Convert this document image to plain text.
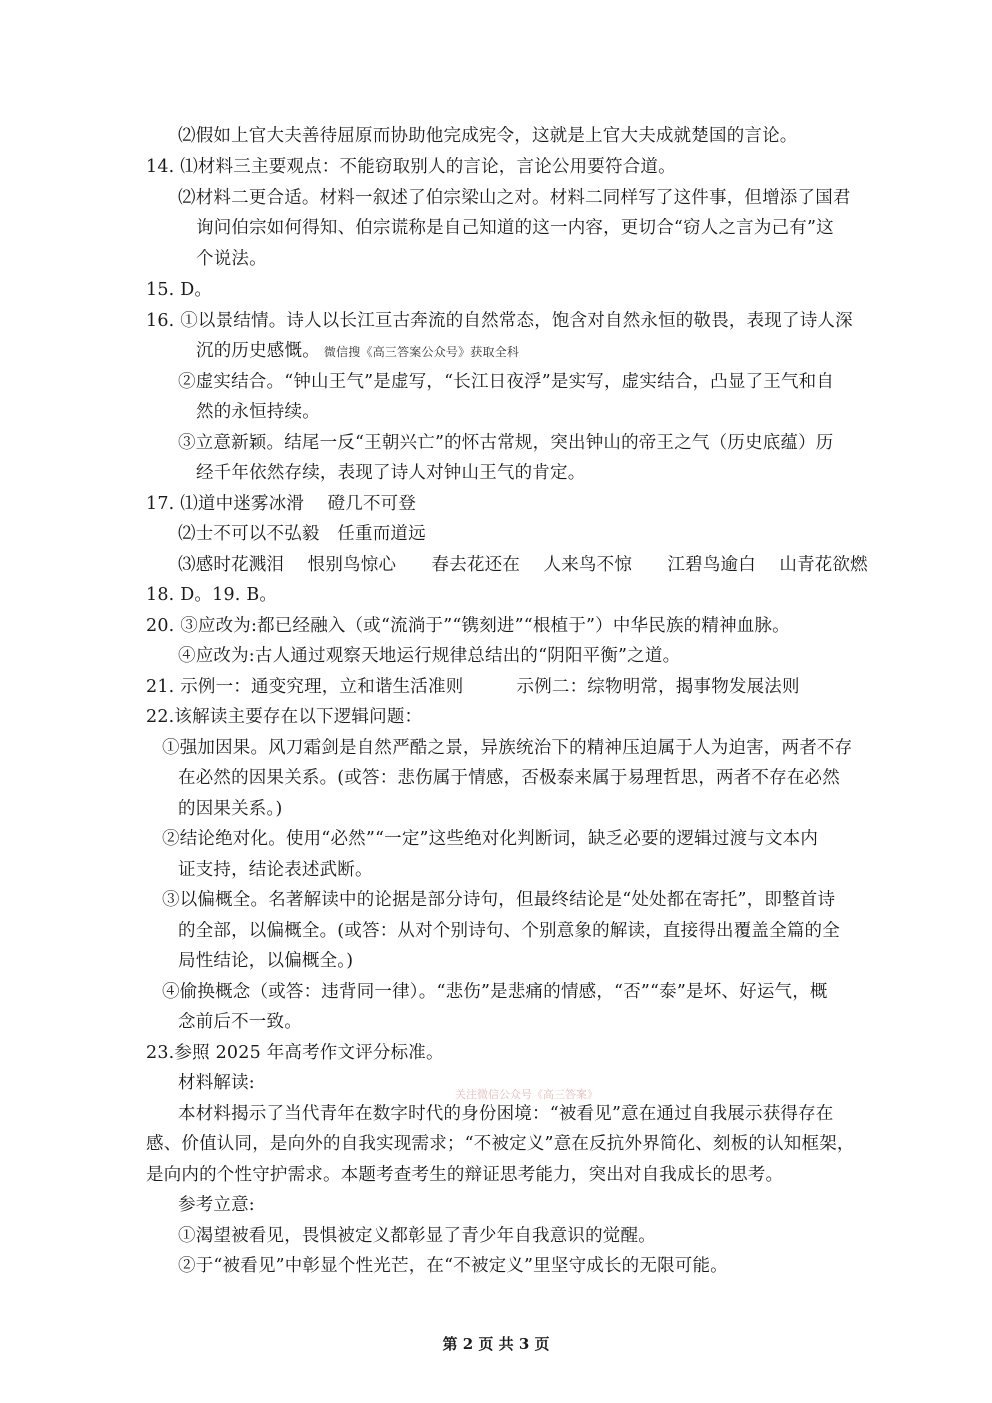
⑵假如上官大夫善待屈原而协助他完成宪令，这就是上官大夫成就楚国的言论。
14. ⑴材料三主要观点：不能窃取别人的言论，言论公用要符合道。
⑵材料二更合适。材料一叙述了伯宗梁山之对。材料二同样写了这件事，但增添了国君
询问伯宗如何得知、伯宗谎称是自己知道的这一内容，更切合“窃人之言为己有”这
个说法。
15. D。
16. ①以景结情。诗人以长江亘古奔流的自然常态，饱含对自然永恒的敬畏，表现了诗人深
沉的历史感慨。 微信搜《高三答案公众号》获取全科
②虚实结合。“钟山王气”是虚写，“长江日夜浮”是实写，虚实结合，凸显了王气和自
然的永恒持续。
③立意新颖。结尾一反“王朝兴亡”的怀古常规，突出钟山的帝王之气（历史底蕴）历
经千年依然存续，表现了诗人对钟山王气的肯定。
17. ⑴道中迷雾冰滑　 磴几不可登
⑵士不可以不弘毅　任重而道远
⑶感时花溅泪　 恨别鸟惊心　　春去花还在　 人来鸟不惊　　江碧鸟逾白　 山青花欲燃
18. D。19. B。
20. ③应改为:都已经融入（或“流淌于”“镌刻进”“根植于”）中华民族的精神血脉。
④应改为:古人通过观察天地运行规律总结出的“阴阳平衡”之道。
21. 示例一：通变究理，立和谐生活准则　　　示例二：综物明常，揭事物发展法则
22.该解读主要存在以下逻辑问题：
①强加因果。风刀霜剑是自然严酷之景，异族统治下的精神压迫属于人为迫害，两者不存
在必然的因果关系。(或答：悲伤属于情感，否极泰来属于易理哲思，两者不存在必然
的因果关系。)
②结论绝对化。使用“必然”“一定”这些绝对化判断词，缺乏必要的逻辑过渡与文本内
证支持，结论表述武断。
③以偏概全。名著解读中的论据是部分诗句，但最终结论是“处处都在寄托”，即整首诗
的全部，以偏概全。(或答：从对个别诗句、个别意象的解读，直接得出覆盖全篇的全
局性结论，以偏概全。)
④偷换概念（或答：违背同一律）。“悲伤”是悲痛的情感，“否”“泰”是坏、好运气，概
念前后不一致。
23.参照 2025 年高考作文评分标准。
材料解读:
关注微信公众号《高三答案》
本材料揭示了当代青年在数字时代的身份困境：“被看见”意在通过自我展示获得存在
感、价值认同，是向外的自我实现需求；“不被定义”意在反抗外界简化、刻板的认知框架，
是向内的个性守护需求。本题考查考生的辩证思考能力，突出对自我成长的思考。
参考立意:
①渴望被看见，畏惧被定义都彰显了青少年自我意识的觉醒。
②于“被看见”中彰显个性光芒，在“不被定义”里坚守成长的无限可能。
第 2 页 共 3 页
